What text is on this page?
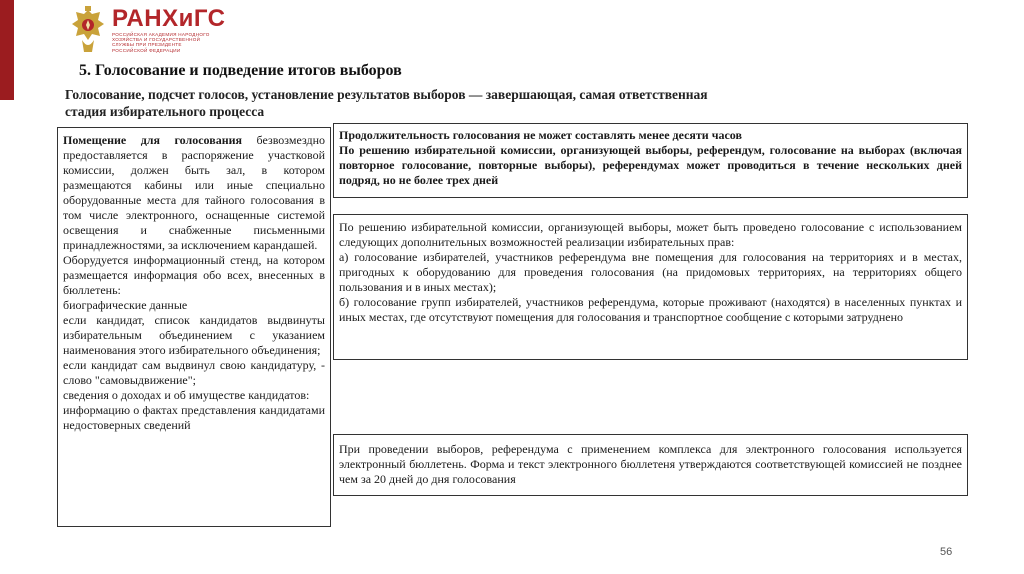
РАНХиГС
РОССИЙСКАЯ АКАДЕМИЯ НАРОДНОГО ХОЗЯЙСТВА И ГОСУДАРСТВЕННОЙ СЛУЖБЫ ПРИ ПРЕЗИДЕНТЕ РОССИЙСКОЙ ФЕДЕРАЦИИ
5. Голосование и подведение итогов выборов
Голосование, подсчет голосов, установление результатов выборов — завершающая, самая ответственная стадия избирательного процесса

Помещение для голосования безвозмездно предоставляется в распоряжение участковой комиссии, должен быть зал, в котором размещаются кабины или иные специально оборудованные места для тайного голосования в том числе электронного, оснащенные системой освещения и снабженные письменными принадлежностями, за исключением карандашей.

Оборудуется информационный стенд, на котором размещается информация обо всех, внесенных в бюллетень:

биографические данные

если кандидат, список кандидатов выдвинуты избирательным объединением с указанием наименования этого избирательного объединения;

если кандидат сам выдвинул свою кандидатуру, - слово "самовыдвижение";

сведения о доходах и об имуществе кандидатов:

информацию о фактах представления кандидатами недостоверных сведений

Продолжительность голосования не может составлять менее десяти часов

По решению избирательной комиссии, организующей выборы, референдум, голосование на выборах (включая повторное голосование, повторные выборы), референдумах может проводиться в течение нескольких дней подряд, но не более трех дней

По решению избирательной комиссии, организующей выборы, может быть проведено голосование с использованием следующих дополнительных возможностей реализации избирательных прав:

а) голосование избирателей, участников референдума вне помещения для голосования на территориях и в местах, пригодных к оборудованию для проведения голосования (на придомовых территориях, на территориях общего пользования и в иных местах);

б) голосование групп избирателей, участников референдума, которые проживают (находятся) в населенных пунктах и иных местах, где отсутствуют помещения для голосования и транспортное сообщение с которыми затруднено

При проведении выборов, референдума с применением комплекса для электронного голосования используется электронный бюллетень. Форма и текст электронного бюллетеня утверждаются соответствующей комиссией не позднее чем за 20 дней до дня голосования

56
